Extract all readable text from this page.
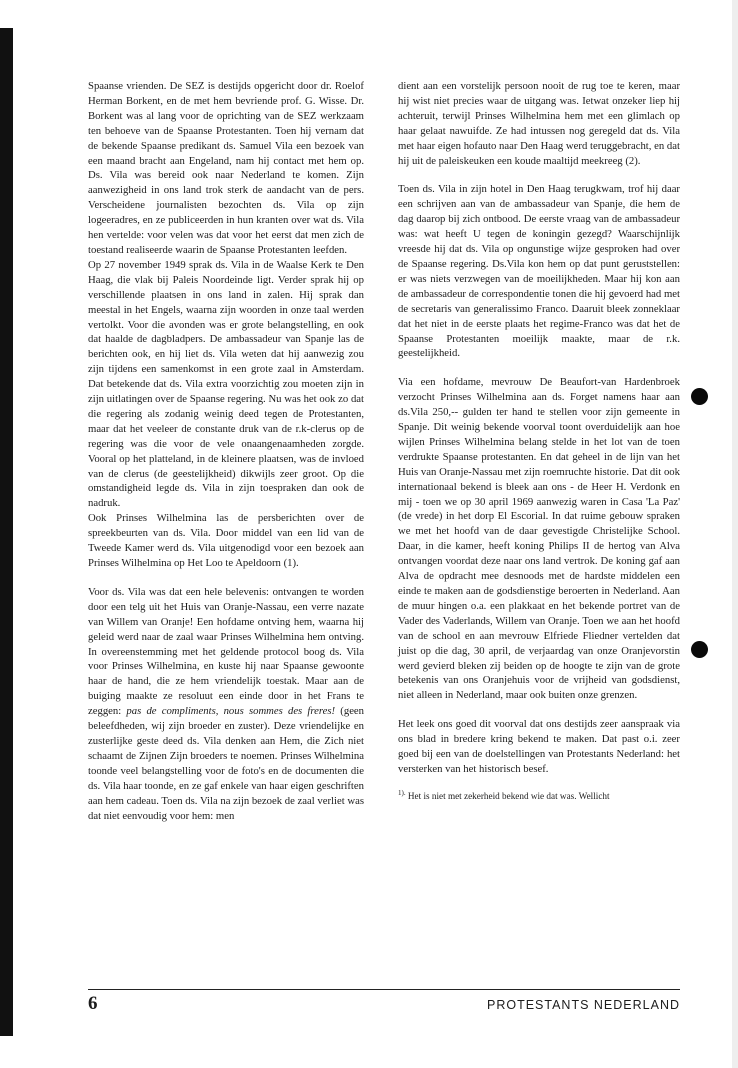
Spaanse vrienden. De SEZ is destijds opgericht door dr. Roelof Herman Borkent, en de met hem bevriende prof. G. Wisse. Dr. Borkent was al lang voor de oprichting van de SEZ werkzaam ten behoeve van de Spaanse Protestanten. Toen hij vernam dat de bekende Spaanse predikant ds. Samuel Vila een bezoek van een maand bracht aan Engeland, nam hij contact met hem op. Ds. Vila was bereid ook naar Nederland te komen. Zijn aanwezigheid in ons land trok sterk de aandacht van de pers. Verscheidene journalisten bezochten ds. Vila op zijn logeeradres, en ze publiceerden in hun kranten over wat ds. Vila hen vertelde: voor velen was dat voor het eerst dat men zich de toestand realiseerde waarin de Spaanse Protestanten leefden.

Op 27 november 1949 sprak ds. Vila in de Waalse Kerk te Den Haag, die vlak bij Paleis Noordeinde ligt. Verder sprak hij op verschillende plaatsen in ons land in zalen. Hij sprak dan meestal in het Engels, waarna zijn woorden in onze taal werden vertolkt. Voor die avonden was er grote belangstelling, en ook dat haalde de dagbladpers. De ambassadeur van Spanje las de berichten ook, en hij liet ds. Vila weten dat hij aanwezig zou zijn tijdens een samenkomst in een grote zaal in Amsterdam. Dat betekende dat ds. Vila extra voorzichtig zou moeten zijn in zijn uitlatingen over de Spaanse regering. Nu was het ook zo dat die regering als zodanig weinig deed tegen de Protestanten, maar dat het veeleer de constante druk van de r.k-clerus op de regering was die voor de vele onaangenaamheden zorgde. Vooral op het platteland, in de kleinere plaatsen, was de invloed van de clerus (de geestelijkheid) dikwijls zeer groot. Op die omstandigheid legde ds. Vila in zijn toespraken dan ook de nadruk.

Ook Prinses Wilhelmina las de persberichten over de spreekbeurten van ds. Vila. Door middel van een lid van de Tweede Kamer werd ds. Vila uitgenodigd voor een bezoek aan Prinses Wilhelmina op Het Loo te Apeldoorn (1).

Voor ds. Vila was dat een hele belevenis: ontvangen te worden door een telg uit het Huis van Oranje-Nassau, een verre nazate van Willem van Oranje! Een hofdame ontving hem, waarna hij geleid werd naar de zaal waar Prinses Wilhelmina hem ontving. In overeenstemming met het geldende protocol boog ds. Vila voor Prinses Wilhelmina, en kuste hij naar Spaanse gewoonte haar de hand, die ze hem vriendelijk toestak. Maar aan de buiging maakte ze resoluut een einde door in het Frans te zeggen: pas de compliments, nous sommes des freres! (geen beleefdheden, wij zijn broeder en zuster). Deze vriendelijke en zusterlijke geste deed ds. Vila denken aan Hem, die Zich niet schaamt de Zijnen Zijn broeders te noemen. Prinses Wilhelmina toonde veel belangstelling voor de foto's en de documenten die ds. Vila haar toonde, en ze gaf enkele van haar eigen geschriften aan hem cadeau. Toen ds. Vila na zijn bezoek de zaal verliet was dat niet eenvoudig voor hem: men

dient aan een vorstelijk persoon nooit de rug toe te keren, maar hij wist niet precies waar de uitgang was. Ietwat onzeker liep hij achteruit, terwijl Prinses Wilhelmina hem met een glimlach op haar gelaat nawuifde. Ze had intussen nog geregeld dat ds. Vila met haar eigen hofauto naar Den Haag werd teruggebracht, en dat hij uit de paleiskeuken een koude maaltijd meekreeg (2).

Toen ds. Vila in zijn hotel in Den Haag terugkwam, trof hij daar een schrijven aan van de ambassadeur van Spanje, die hem de dag daarop bij zich ontbood. De eerste vraag van de ambassadeur was: wat heeft U tegen de koningin gezegd? Waarschijnlijk vreesde hij dat ds. Vila op ongunstige wijze gesproken had over de Spaanse regering. Ds.Vila kon hem op dat punt geruststellen: er was niets verzwegen van de moeilijkheden. Maar hij kon aan de ambassadeur de correspondentie tonen die hij gevoerd had met de secretaris van generalissimo Franco. Daaruit bleek zonneklaar dat het niet in de eerste plaats het regime-Franco was dat het de Spaanse Protestanten moeilijk maakte, maar de r.k. geestelijkheid.

Via een hofdame, mevrouw De Beaufort-van Hardenbroek verzocht Prinses Wilhelmina aan ds. Forget namens haar aan ds.Vila 250,-- gulden ter hand te stellen voor zijn gemeente in Spanje. Dit weinig bekende voorval toont overduidelijk aan hoe wijlen Prinses Wilhelmina belang stelde in het lot van de toen verdrukte Spaanse protestanten. En dat geheel in de lijn van het Huis van Oranje-Nassau met zijn roemruchte historie. Dat dit ook internationaal bekend is bleek aan ons - de Heer H. Verdonk en mij - toen we op 30 april 1969 aanwezig waren in Casa 'La Paz' (de vrede) in het dorp El Escorial. In dat ruime gebouw spraken we met het hoofd van de daar gevestigde Christelijke School. Daar, in die kamer, heeft koning Philips II de hertog van Alva ontvangen voordat deze naar ons land vertrok. De koning gaf aan Alva de opdracht mee desnoods met de hardste middelen een einde te maken aan de godsdienstige beroerten in Nederland. Aan de muur hingen o.a. een plakkaat en het bekende portret van de Vader des Vaderlands, Willem van Oranje. Toen we aan het hoofd van de school en aan mevrouw Elfriede Fliedner vertelden dat juist op die dag, 30 april, de verjaardag van onze Oranjevorstin werd gevierd bleken zij beiden op de hoogte te zijn van de grote betekenis van ons Oranjehuis voor de vrijheid van godsdienst, niet alleen in Nederland, maar ook buiten onze grenzen.

Het leek ons goed dit voorval dat ons destijds zeer aanspraak via ons blad in bredere kring bekend te maken. Dat past o.i. zeer goed bij een van de doelstellingen van Protestants Nederland: het versterken van het historisch besef.

$^{1).}$ Het is niet met zekerheid bekend wie dat was. Wellicht

6	PROTESTANTS NEDERLAND
